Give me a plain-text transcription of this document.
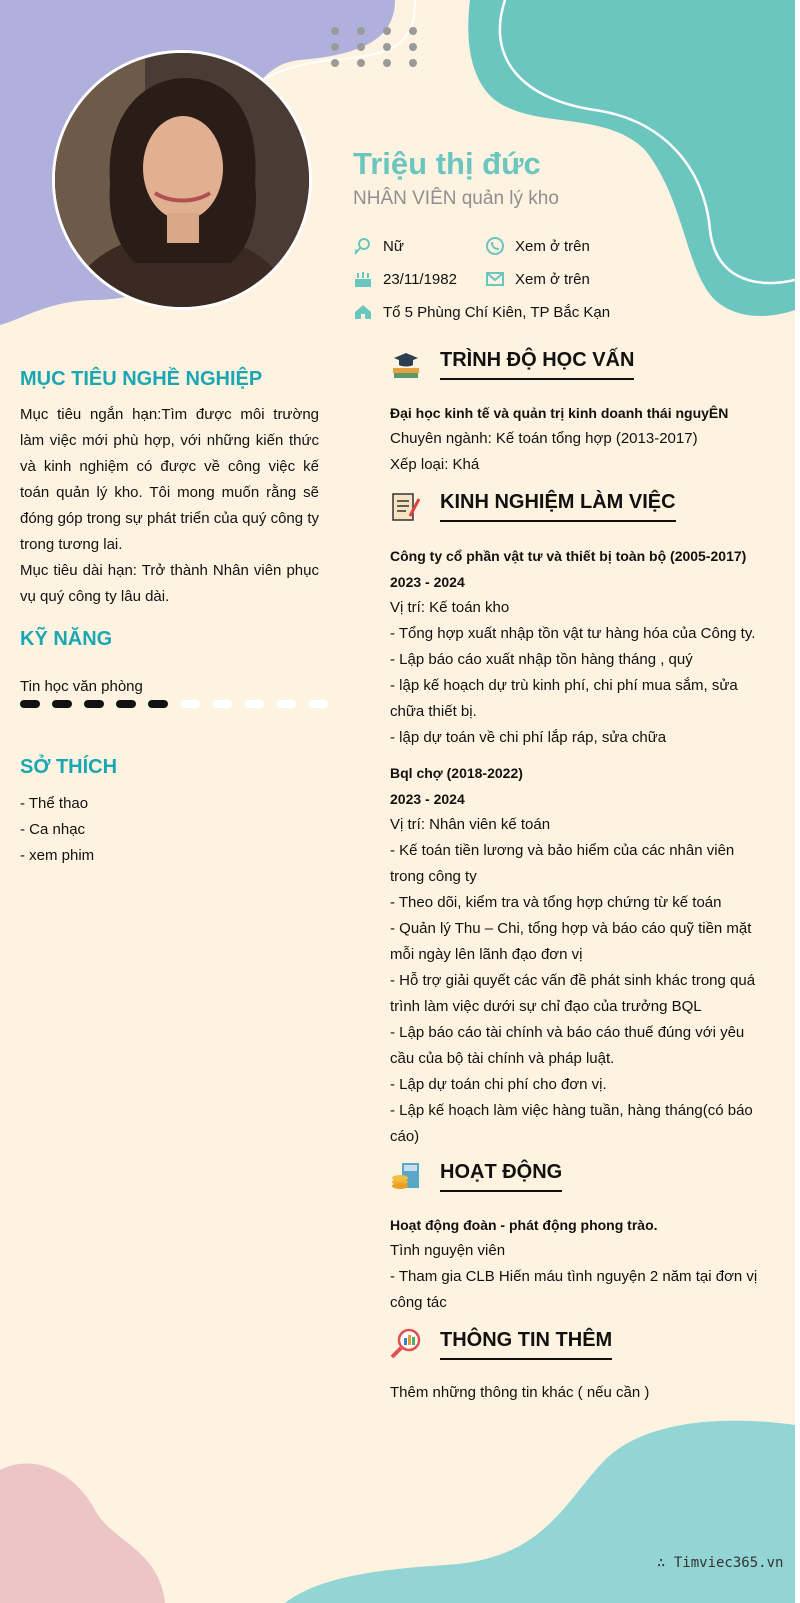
Triệu thị đức
NHÂN VIÊN quản lý kho
Nữ	Xem ở trên
23/11/1982	Xem ở trên
Tổ 5 Phùng Chí Kiên, TP Bắc Kạn
MỤC TIÊU NGHỀ NGHIỆP
Mục tiêu ngắn hạn:Tìm được môi trường làm việc mới phù hợp, với những kiến thức và kinh nghiệm có được về công việc kế toán quản lý kho. Tôi mong muốn rằng sẽ đóng góp trong sự phát triển của quý công ty trong tương lai.
Mục tiêu dài hạn: Trở thành Nhân viên phục vụ quý công ty lâu dài.
KỸ NĂNG
Tin học văn phòng
SỞ THÍCH
- Thể thao
- Ca nhạc
- xem phim
TRÌNH ĐỘ HỌC VẤN
Đại học kinh tế và quản trị kinh doanh thái nguyÊN
Chuyên ngành: Kế toán tổng hợp (2013-2017)
Xếp loại: Khá
KINH NGHIỆM LÀM VIỆC
Công ty cổ phần vật tư và thiết bị toàn bộ (2005-2017)
2023 - 2024
Vị trí: Kế toán kho
- Tổng hợp xuất nhập tồn vật tư hàng hóa của Công ty.
- Lập báo cáo xuất nhập tồn hàng tháng , quý
- lập kế hoạch dự trù kinh phí, chi phí mua sắm, sửa chữa thiết bị.
- lập dự toán về chi phí lắp ráp, sửa chữa
Bql chợ (2018-2022)
2023 - 2024
Vị trí: Nhân viên kế toán
- Kế toán tiền lương và bảo hiểm của các nhân viên trong công ty
- Theo dõi, kiểm tra và tổng hợp chứng từ kế toán
- Quản lý Thu – Chi, tổng hợp và báo cáo quỹ tiền mặt mỗi ngày lên lãnh đạo đơn vị
- Hỗ trợ giải quyết các vấn đề phát sinh khác trong quá trình làm việc dưới sự chỉ đạo của trưởng BQL
- Lập báo cáo tài chính và báo cáo thuế đúng với yêu cầu của bộ tài chính và pháp luật.
- Lập dự toán chi phí cho đơn vị.
- Lập kế hoạch làm việc hàng tuần, hàng tháng(có báo cáo)
HOẠT ĐỘNG
Hoạt động đoàn - phát động phong trào.
Tình nguyện viên
- Tham gia CLB Hiến máu tình nguyện 2 năm tại đơn vị công tác
THÔNG TIN THÊM
Thêm những thông tin khác ( nếu cần )
∴ Timviec365.vn
